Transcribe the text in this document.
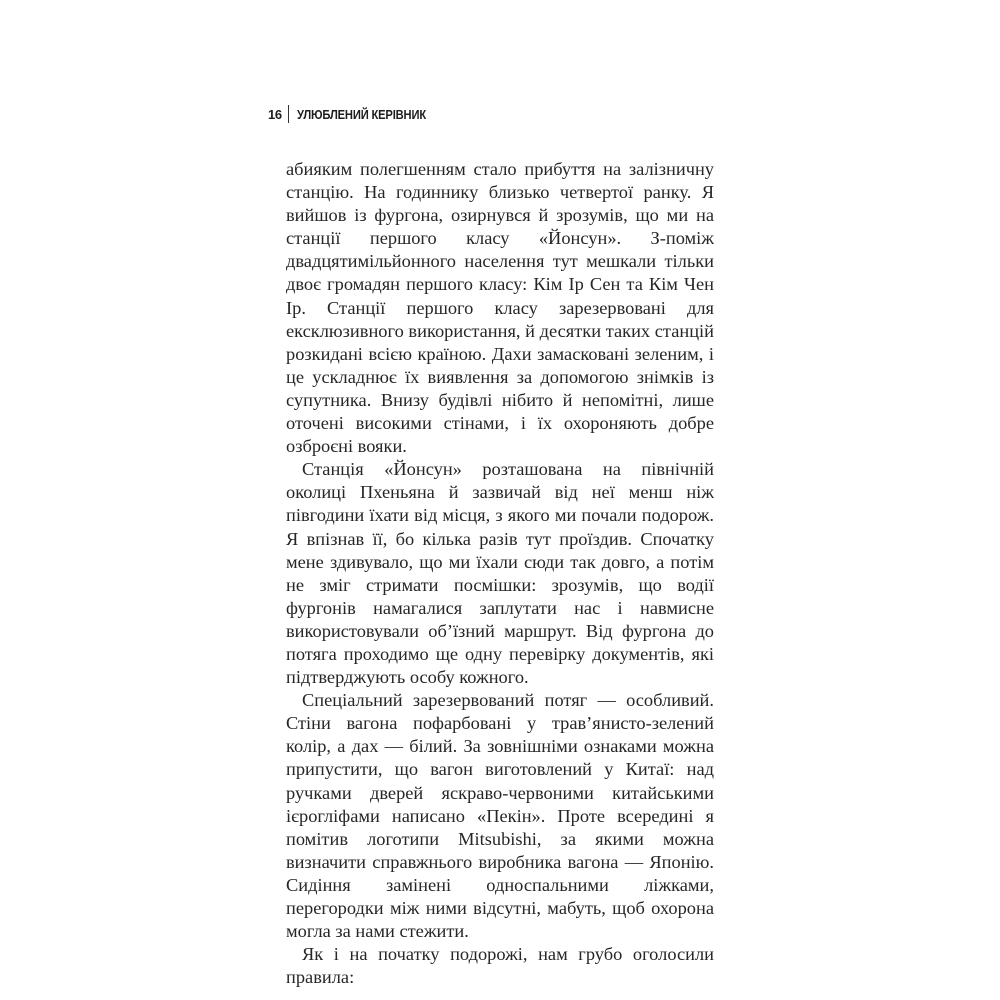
16 УЛЮБЛЕНИЙ КЕРІВНИК

абияким полегшенням стало прибуття на залізничну станцію. На годиннику близько четвертої ранку. Я вийшов із фургона, озирнувся й зрозумів, що ми на станції першого класу «Йонсун». З-поміж двадцятимільйонного населення тут мешкали тільки двоє громадян першого класу: Кім Ір Сен та Кім Чен Ір. Станції першого класу зарезервовані для ексклюзивного використання, й десятки таких станцій розкидані всією країною. Дахи замасковані зеленим, і це ускладнює їх виявлення за допомогою знімків із супутника. Внизу будівлі нібито й непомітні, лише оточені високими стінами, і їх охороняють добре озброєні вояки.

Станція «Йонсун» розташована на північній околиці Пхеньяна й зазвичай від неї менш ніж півгодини їхати від місця, з якого ми почали подорож. Я впізнав її, бо кілька разів тут проїздив. Спочатку мене здивувало, що ми їхали сюди так довго, а потім не зміг стримати посмішки: зрозумів, що водії фургонів намагалися заплутати нас і навмисне використовували об’їзний маршрут. Від фургона до потяга проходимо ще одну перевірку документів, які підтверджують особу кожного.

Спеціальний зарезервований потяг — особливий. Стіни вагона пофарбовані у трав’янисто-зелений колір, а дах — білий. За зовнішніми ознаками можна припустити, що вагон виготовлений у Китаї: над ручками дверей яскраво-червоними китайськими ієрогліфами написано «Пекін». Проте всередині я помітив логотипи Mitsubishi, за якими можна визначити справжнього виробника вагона — Японію. Сидіння замінені односпальними ліжками, перегородки між ними відсутні, мабуть, щоб охорона могла за нами стежити.

Як і на початку подорожі, нам грубо оголосили правила:
